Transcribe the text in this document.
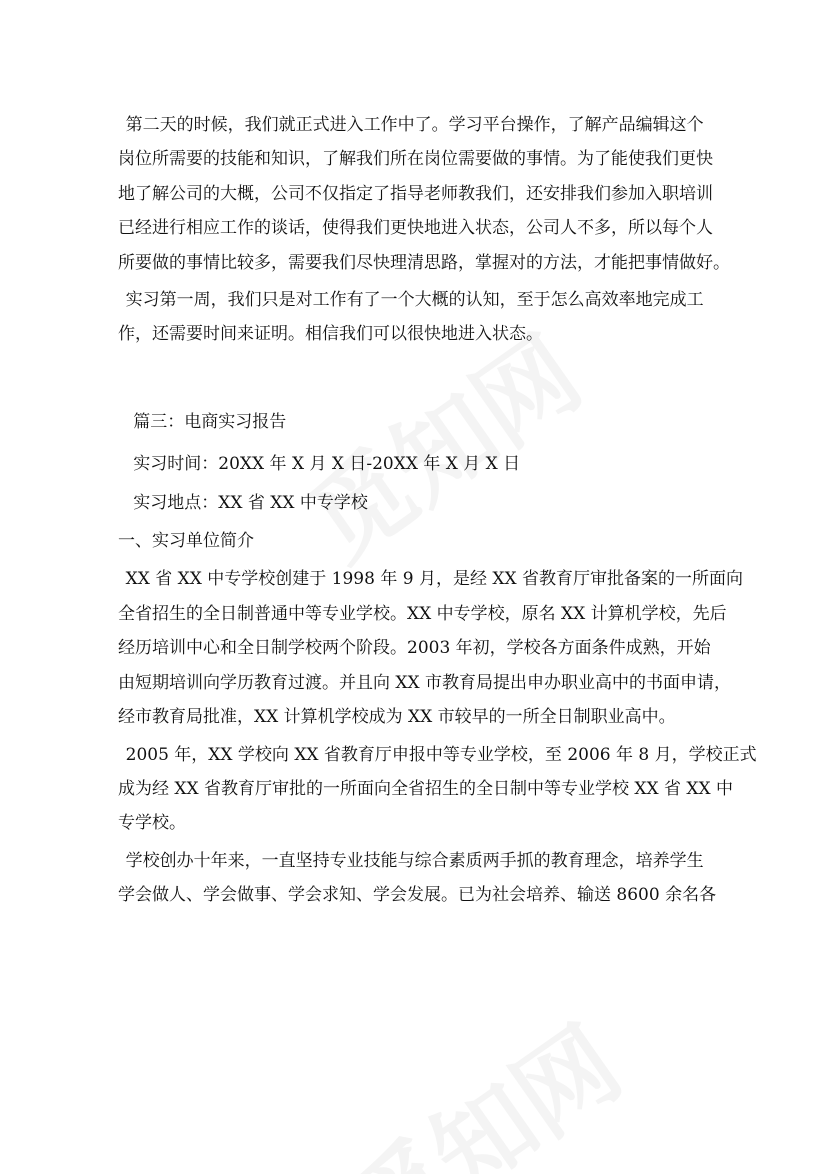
第二天的时候，我们就正式进入工作中了。学习平台操作，了解产品编辑这个
岗位所需要的技能和知识，了解我们所在岗位需要做的事情。为了能使我们更快
地了解公司的大概，公司不仅指定了指导老师教我们，还安排我们参加入职培训
已经进行相应工作的谈话，使得我们更快地进入状态，公司人不多，所以每个人
所要做的事情比较多，需要我们尽快理清思路，掌握对的方法，才能把事情做好。

实习第一周，我们只是对工作有了一个大概的认知，至于怎么高效率地完成工
作，还需要时间来证明。相信我们可以很快地进入状态。

篇三：电商实习报告

实习时间：20XX 年 X 月 X 日-20XX 年 X 月 X 日

实习地点：XX 省 XX 中专学校

一、实习单位简介

XX 省 XX 中专学校创建于 1998 年 9 月，是经 XX 省教育厅审批备案的一所面向
全省招生的全日制普通中等专业学校。XX 中专学校，原名 XX 计算机学校，先后
经历培训中心和全日制学校两个阶段。2003 年初，学校各方面条件成熟，开始
由短期培训向学历教育过渡。并且向 XX 市教育局提出申办职业高中的书面申请，
经市教育局批准，XX 计算机学校成为 XX 市较早的一所全日制职业高中。

2005 年，XX 学校向 XX 省教育厅申报中等专业学校，至 2006 年 8 月，学校正式
成为经 XX 省教育厅审批的一所面向全省招生的全日制中等专业学校 XX 省 XX 中
专学校。

学校创办十年来，一直坚持专业技能与综合素质两手抓的教育理念，培养学生
学会做人、学会做事、学会求知、学会发展。已为社会培养、输送 8600 余名各
